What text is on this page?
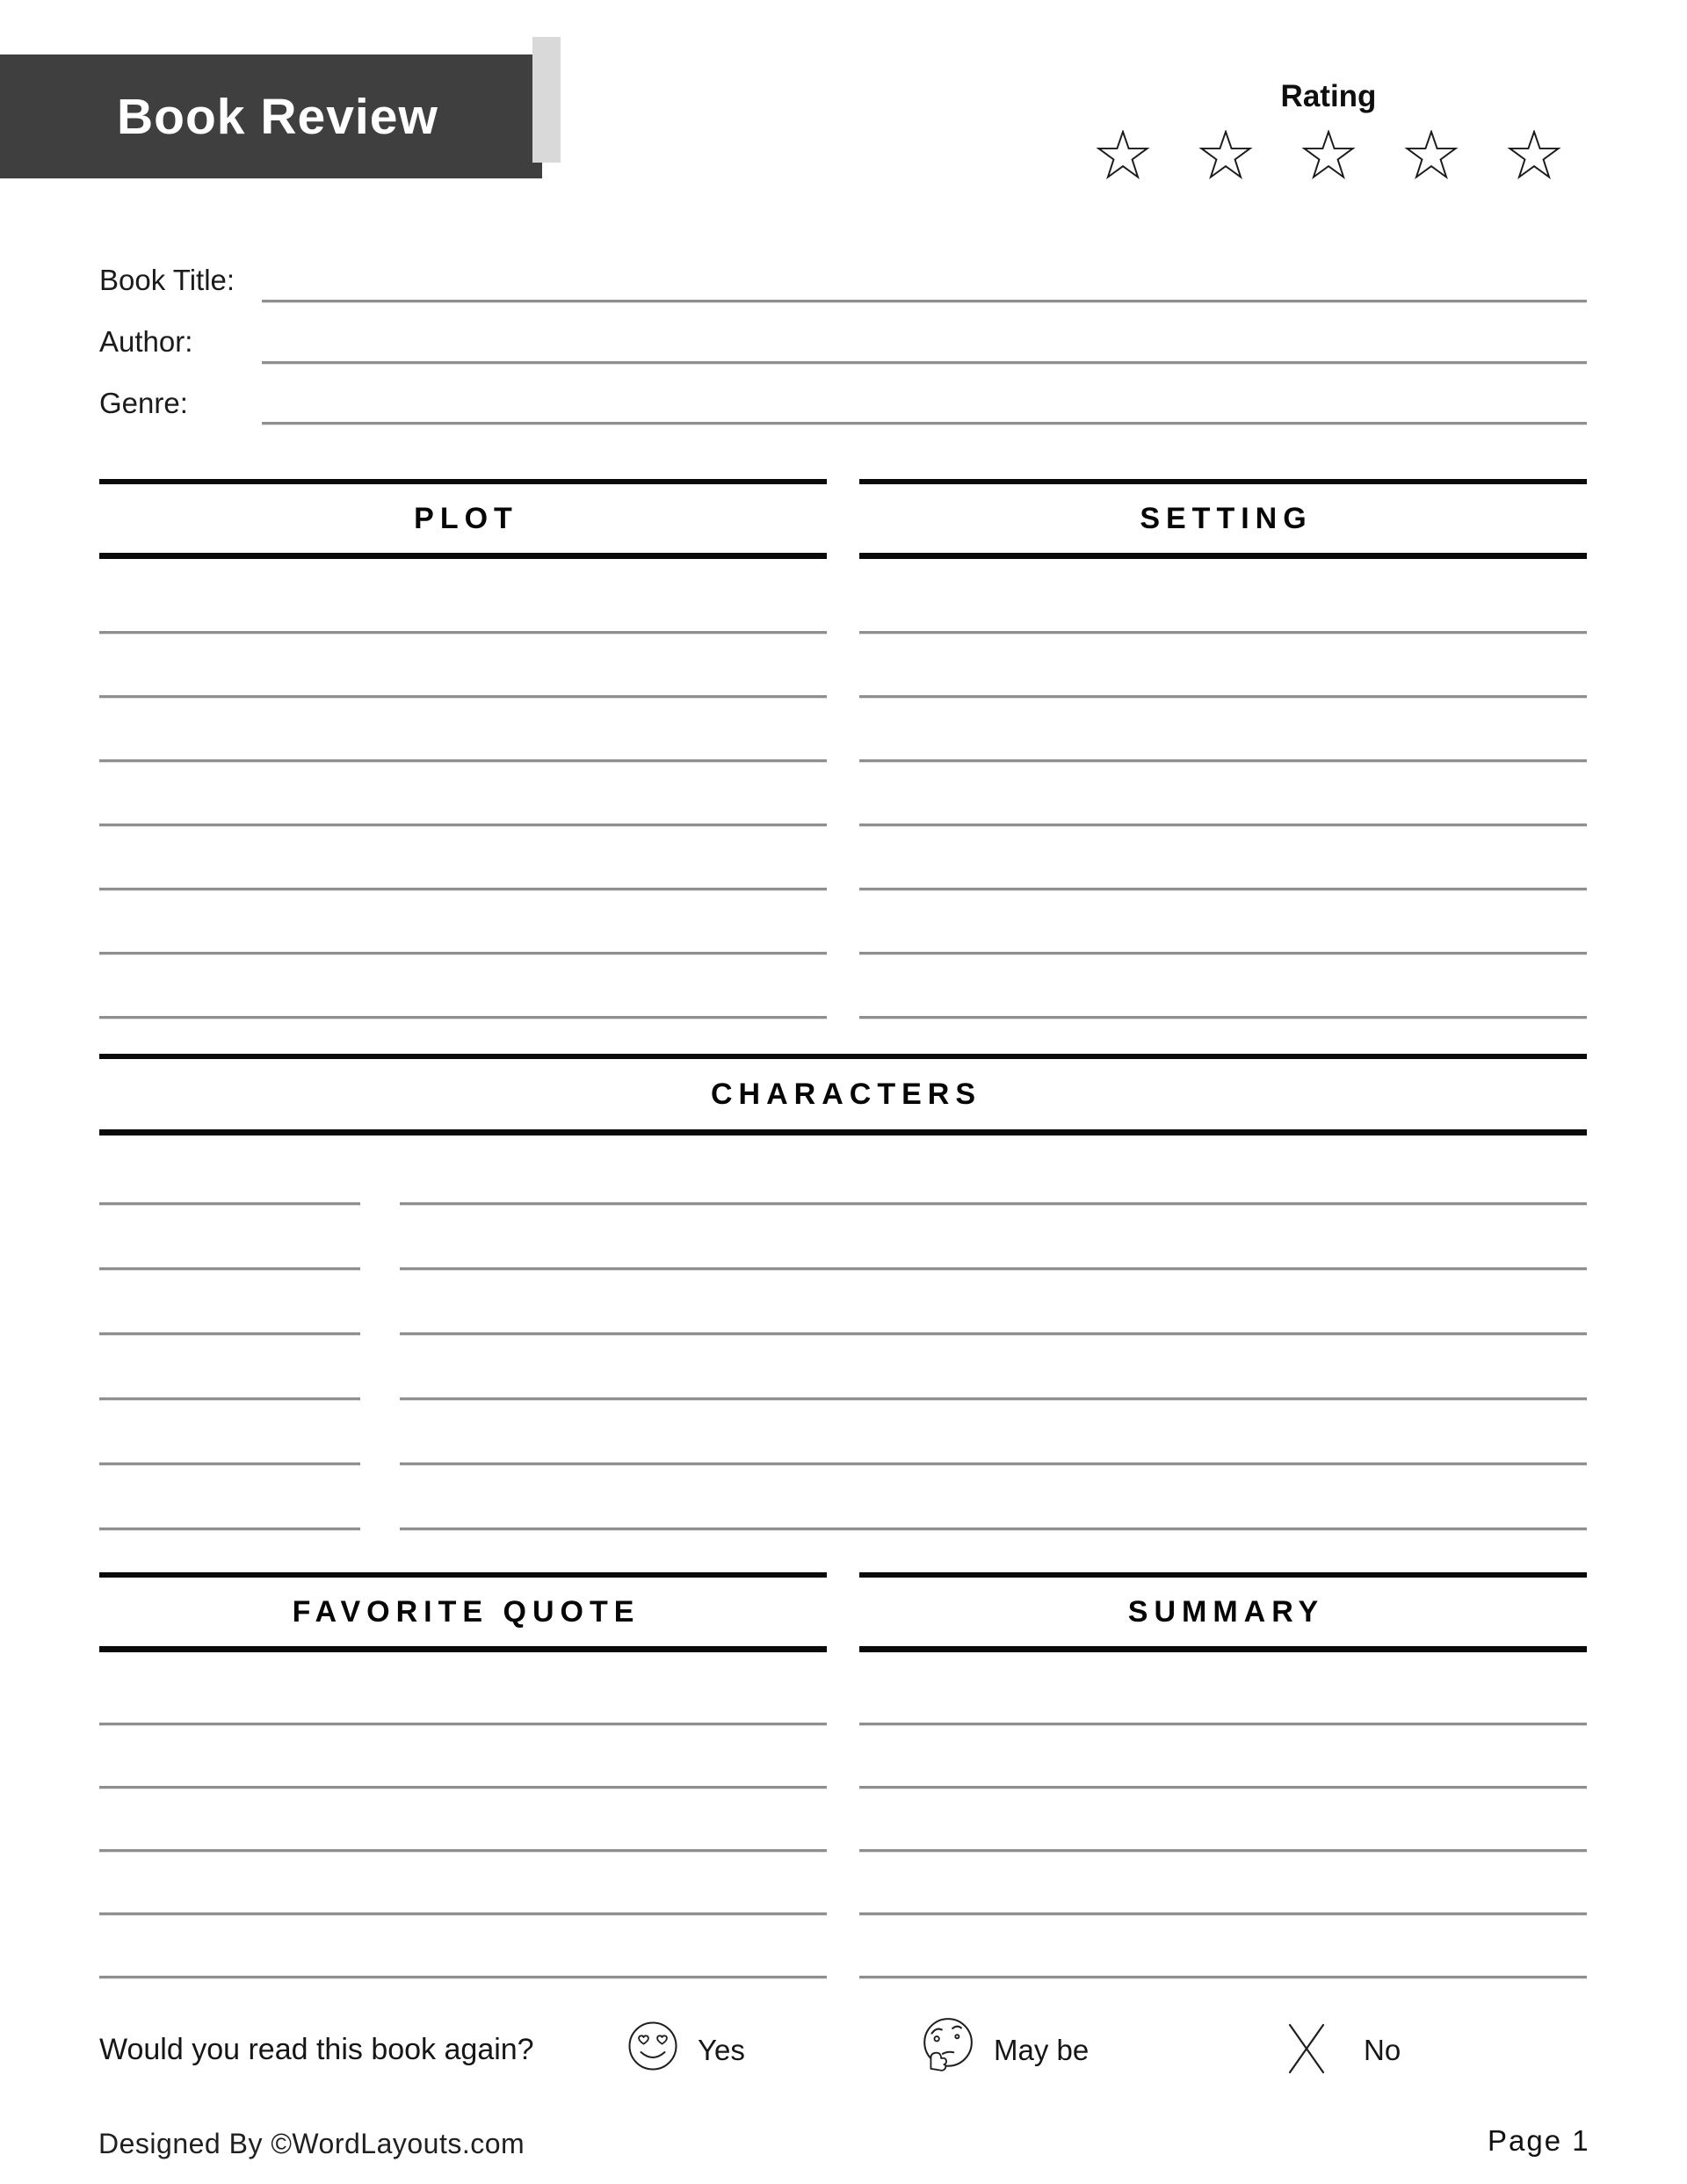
Book Review	Rating
Book Title:
Author:
Genre:
PLOT	SETTING
CHARACTERS
FAVORITE QUOTE	SUMMARY
Would you read this book again?	Yes	May be	No
Designed By ©WordLayouts.com	Page 1
